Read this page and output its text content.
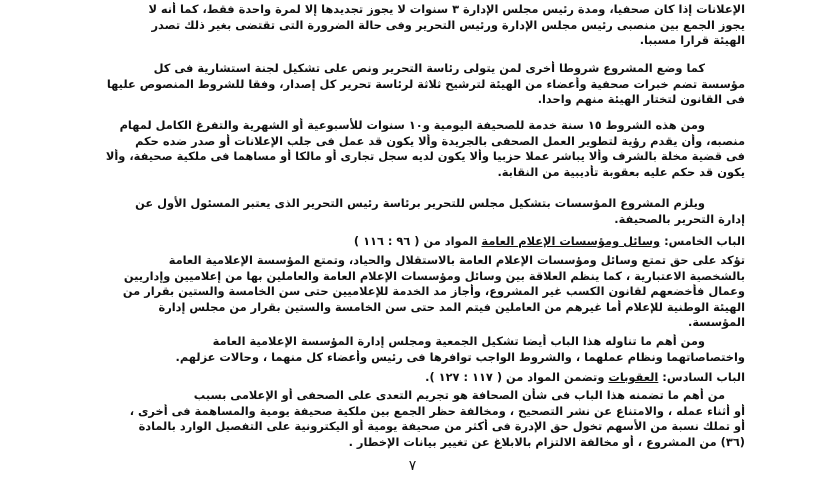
الإعلانات إذا كان صحفيا، ومدة رئيس مجلس الإدارة ٣ سنوات لا يجوز تجديدها إلا لمرة واحدة فقط، كما أنه لا
يجوز الجمع بين منصبى رئيس مجلس الإدارة ورئيس التحرير وفى حالة الضرورة التى تقتضى بغير ذلك تصدر
الهيئة قرارا مسببا.
كما وضع المشروع شروطا أخرى لمن يتولى رئاسة التحرير ونص على تشكيل لجنة استشارية فى كل
مؤسسة تضم خبرات صحفية وأعضاء من الهيئة لترشيح ثلاثة لرئاسة تحرير كل إصدار، وفقا للشروط المنصوص عليها
فى القانون لتختار الهيئة منهم واحدا.
ومن هذه الشروط ١٥ سنة خدمة للصحيفة اليومية و١٠ سنوات للأسبوعية أو الشهرية والتفرغ الكامل لمهام
منصبه، وأن يقدم رؤية لتطوير العمل الصحفى بالجريدة وألا يكون قد عمل فى جلب الإعلانات أو صدر ضده حكم
فى قضية مخلة بالشرف وألا يباشر عملا حزبيا وألا يكون لديه سجل تجارى أو مالكا أو مساهما فى ملكية صحيفة، وألا
يكون قد حكم عليه بعقوبة تأديبية من النقابة.
ويلزم المشروع المؤسسات بتشكيل مجلس للتحرير برئاسة رئيس التحرير الذى يعتبر المسئول الأول عن
إدارة التحرير بالصحيفة.
الباب الخامس: وسائل ومؤسسات الإعلام العامة المواد من ( ٩٦ : ١١٦ )
تؤكد على حق تمتع وسائل ومؤسسات الإعلام العامة بالاستقلال والحياد، وتمتع المؤسسة الإعلامية العامة
بالشخصية الاعتبارية ، كما ينظم العلاقة بين وسائل ومؤسسات الإعلام العامة والعاملين بها من إعلاميين وإداريين
وعمال فأخضعهم لقانون الكسب غير المشروع، وأجاز مد الخدمة للإعلاميين حتى سن الخامسة والستين بقرار من
الهيئة الوطنية للإعلام أما غيرهم من العاملين فيتم المد حتى سن الخامسة والستين بقرار من مجلس إدارة
المؤسسة.
ومن أهم ما تناوله هذا الباب أيضا تشكيل الجمعية ومجلس إدارة المؤسسة الإعلامية العامة
واختصاصاتهما ونظام عملهما ، والشروط الواجب توافرها فى رئيس وأعضاء كل منهما ، وحالات عزلهم.
٧
الباب السادس: العقوبات وتضمن المواد من ( ١١٧ : ١٢٧ ).
من أهم ما تضمنه هذا الباب فى شأن الصحافة هو تجريم التعدى على الصحفى أو الإعلامى بسبب
أو أثناء عمله ، والامتناع عن نشر التصحيح ، ومخالفة حظر الجمع بين ملكية صحيفة يومية والمساهمة فى أخرى ،
أو تملك نسبة من الأسهم تخول حق الإدرة فى أكثر من صحيفة يومية أو اليكترونية على التفصيل الوارد بالمادة
(٣٦) من المشروع ، أو مخالفة الالتزام بالابلاغ عن تغيير بيانات الإخطار .
